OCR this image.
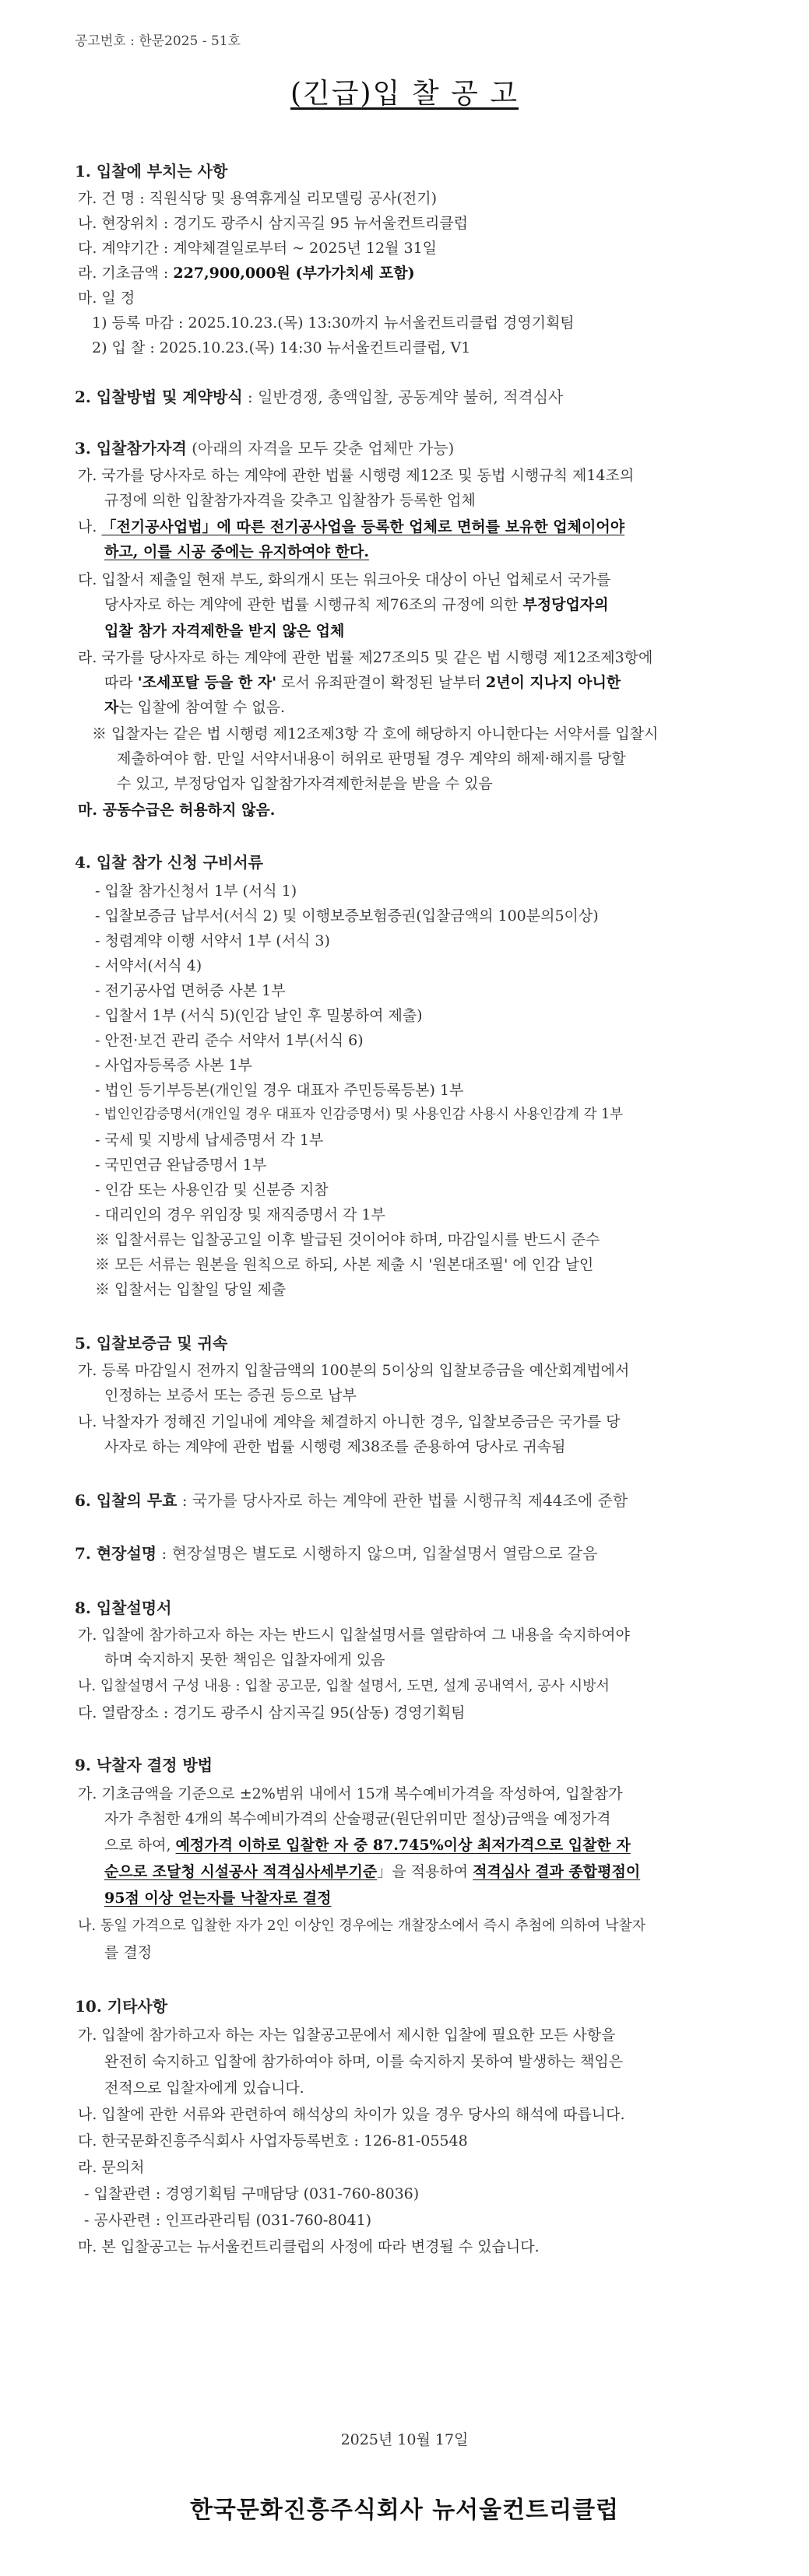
공고번호 : 한문2025 - 51호
(긴급)입 찰 공 고
1. 입찰에 부치는 사항
가. 건 명 : 직원식당 및 용역휴게실 리모델링 공사(전기)
나. 현장위치 : 경기도 광주시 삼지곡길 95 뉴서울컨트리클럽
다. 계약기간 : 계약체결일로부터 ~ 2025년 12월 31일
라. 기초금액 : 227,900,000원 (부가가치세 포함)
마. 일 정
1) 등록 마감 : 2025.10.23.(목) 13:30까지 뉴서울컨트리클럽 경영기획팀
2) 입 찰 : 2025.10.23.(목) 14:30 뉴서울컨트리클럽, V1
2. 입찰방법 및 계약방식 : 일반경쟁, 총액입찰, 공동계약 불허, 적격심사
3. 입찰참가자격 (아래의 자격을 모두 갖춘 업체만 가능)
가. 국가를 당사자로 하는 계약에 관한 법률 시행령 제12조 및 동법 시행규칙 제14조의
규정에 의한 입찰참가자격을 갖추고 입찰참가 등록한 업체
나. 「전기공사업법」에 따른 전기공사업을 등록한 업체로 면허를 보유한 업체이어야
하고, 이를 시공 중에는 유지하여야 한다.
다. 입찰서 제출일 현재 부도, 화의개시 또는 워크아웃 대상이 아닌 업체로서 국가를
당사자로 하는 계약에 관한 법률 시행규칙 제76조의 규정에 의한 부정당업자의
입찰 참가 자격제한을 받지 않은 업체
라. 국가를 당사자로 하는 계약에 관한 법률 제27조의5 및 같은 법 시행령 제12조제3항에
따라 '조세포탈 등을 한 자' 로서 유죄판결이 확정된 날부터 2년이 지나지 아니한
자는 입찰에 참여할 수 없음.
※ 입찰자는 같은 법 시행령 제12조제3항 각 호에 해당하지 아니한다는 서약서를 입찰시
제출하여야 함. 만일 서약서내용이 허위로 판명될 경우 계약의 해제·해지를 당할
수 있고, 부정당업자 입찰참가자격제한처분을 받을 수 있음
마. 공동수급은 허용하지 않음.
4. 입찰 참가 신청 구비서류
- 입찰 참가신청서 1부 (서식 1)
- 입찰보증금 납부서(서식 2) 및 이행보증보험증권(입찰금액의 100분의5이상)
- 청렴계약 이행 서약서 1부 (서식 3)
- 서약서(서식 4)
- 전기공사업 면허증 사본 1부
- 입찰서 1부 (서식 5)(인감 날인 후 밀봉하여 제출)
- 안전·보건 관리 준수 서약서 1부(서식 6)
- 사업자등록증 사본 1부
- 법인 등기부등본(개인일 경우 대표자 주민등록등본) 1부
- 법인인감증명서(개인일 경우 대표자 인감증명서) 및 사용인감 사용시 사용인감계 각 1부
- 국세 및 지방세 납세증명서 각 1부
- 국민연금 완납증명서 1부
- 인감 또는 사용인감 및 신분증 지참
- 대리인의 경우 위임장 및 재직증명서 각 1부
※ 입찰서류는 입찰공고일 이후 발급된 것이어야 하며, 마감일시를 반드시 준수
※ 모든 서류는 원본을 원칙으로 하되, 사본 제출 시 '원본대조필' 에 인감 날인
※ 입찰서는 입찰일 당일 제출
5. 입찰보증금 및 귀속
가. 등록 마감일시 전까지 입찰금액의 100분의 5이상의 입찰보증금을 예산회계법에서
인정하는 보증서 또는 증권 등으로 납부
나. 낙찰자가 정해진 기일내에 계약을 체결하지 아니한 경우, 입찰보증금은 국가를 당
사자로 하는 계약에 관한 법률 시행령 제38조를 준용하여 당사로 귀속됨
6. 입찰의 무효 : 국가를 당사자로 하는 계약에 관한 법률 시행규칙 제44조에 준함
7. 현장설명 : 현장설명은 별도로 시행하지 않으며, 입찰설명서 열람으로 갈음
8. 입찰설명서
가. 입찰에 참가하고자 하는 자는 반드시 입찰설명서를 열람하여 그 내용을 숙지하여야
하며 숙지하지 못한 책임은 입찰자에게 있음
나. 입찰설명서 구성 내용 : 입찰 공고문, 입찰 설명서, 도면, 설계 공내역서, 공사 시방서
다. 열람장소 : 경기도 광주시 삼지곡길 95(삼동) 경영기획팀
9. 낙찰자 결정 방법
가. 기초금액을 기준으로 ±2%범위 내에서 15개 복수예비가격을 작성하여, 입찰참가
자가 추첨한 4개의 복수예비가격의 산술평균(원단위미만 절상)금액을 예정가격
으로 하여, 예정가격 이하로 입찰한 자 중 87.745%이상 최저가격으로 입찰한 자
순으로 조달청 시설공사 적격심사세부기준」을 적용하여 적격심사 결과 종합평점이
95점 이상 얻는자를 낙찰자로 결정
나. 동일 가격으로 입찰한 자가 2인 이상인 경우에는 개찰장소에서 즉시 추첨에 의하여 낙찰자
를 결정
10. 기타사항
가. 입찰에 참가하고자 하는 자는 입찰공고문에서 제시한 입찰에 필요한 모든 사항을
완전히 숙지하고 입찰에 참가하여야 하며, 이를 숙지하지 못하여 발생하는 책임은
전적으로 입찰자에게 있습니다.
나. 입찰에 관한 서류와 관련하여 해석상의 차이가 있을 경우 당사의 해석에 따릅니다.
다. 한국문화진흥주식회사 사업자등록번호 : 126-81-05548
라. 문의처
- 입찰관련 : 경영기획팀 구매담당 (031-760-8036)
- 공사관련 : 인프라관리팀 (031-760-8041)
마. 본 입찰공고는 뉴서울컨트리클럽의 사정에 따라 변경될 수 있습니다.
2025년 10월 17일
한국문화진흥주식회사 뉴서울컨트리클럽
